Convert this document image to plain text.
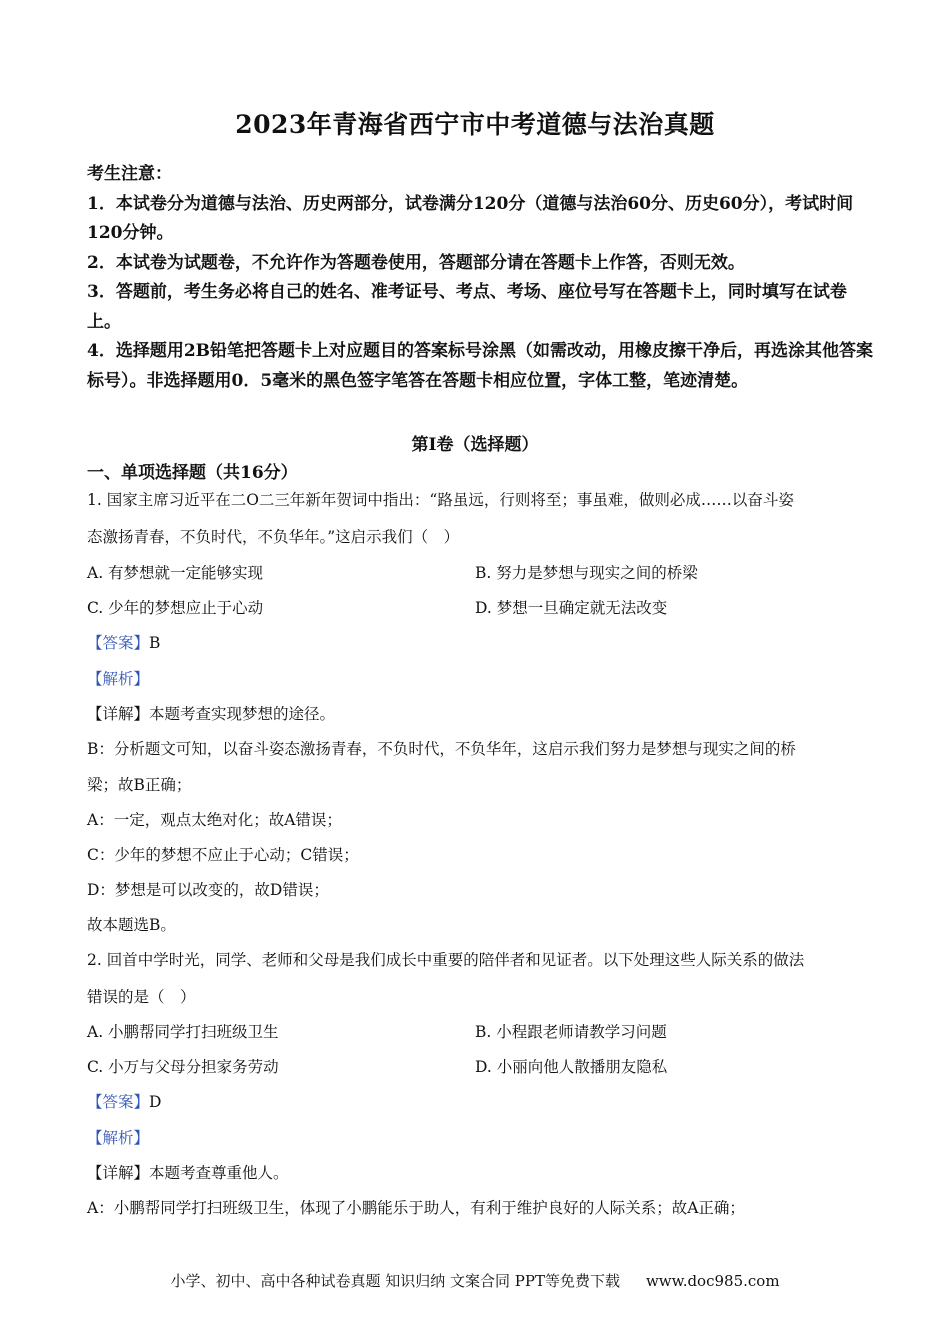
2023年青海省西宁市中考道德与法治真题

考生注意：

1．本试卷分为道德与法治、历史两部分，试卷满分120分（道德与法治60分、历史60分），考试时间120分钟。

2．本试卷为试题卷，不允许作为答题卷使用，答题部分请在答题卡上作答，否则无效。

3．答题前，考生务必将自己的姓名、准考证号、考点、考场、座位号写在答题卡上，同时填写在试卷上。

4．选择题用2B铅笔把答题卡上对应题目的答案标号涂黑（如需改动，用橡皮擦干净后，再选涂其他答案标号）。非选择题用0．5毫米的黑色签字笔答在答题卡相应位置，字体工整，笔迹清楚。

第Ⅰ卷（选择题）
一、单项选择题（共16分）
1. 国家主席习近平在二O二三年新年贺词中指出：“路虽远，行则将至；事虽难，做则必成……以奋斗姿
态激扬青春，不负时代，不负华年。”这启示我们（　）
A. 有梦想就一定能够实现	B. 努力是梦想与现实之间的桥梁
C. 少年的梦想应止于心动	D. 梦想一旦确定就无法改变
【答案】B
【解析】
【详解】本题考查实现梦想的途径。
B：分析题文可知，以奋斗姿态激扬青春，不负时代，不负华年，这启示我们努力是梦想与现实之间的桥
梁；故B正确；
A：一定，观点太绝对化；故A错误；
C：少年的梦想不应止于心动；C错误；
D：梦想是可以改变的，故D错误；
故本题选B。
2. 回首中学时光，同学、老师和父母是我们成长中重要的陪伴者和见证者。以下处理这些人际关系的做法
错误的是（　）
A. 小鹏帮同学打扫班级卫生	B. 小程跟老师请教学习问题
C. 小万与父母分担家务劳动	D. 小丽向他人散播朋友隐私
【答案】D
【解析】
【详解】本题考查尊重他人。
A：小鹏帮同学打扫班级卫生，体现了小鹏能乐于助人，有利于维护良好的人际关系；故A正确；
小学、初中、高中各种试卷真题 知识归纳 文案合同 PPT等免费下载 www.doc985.com
